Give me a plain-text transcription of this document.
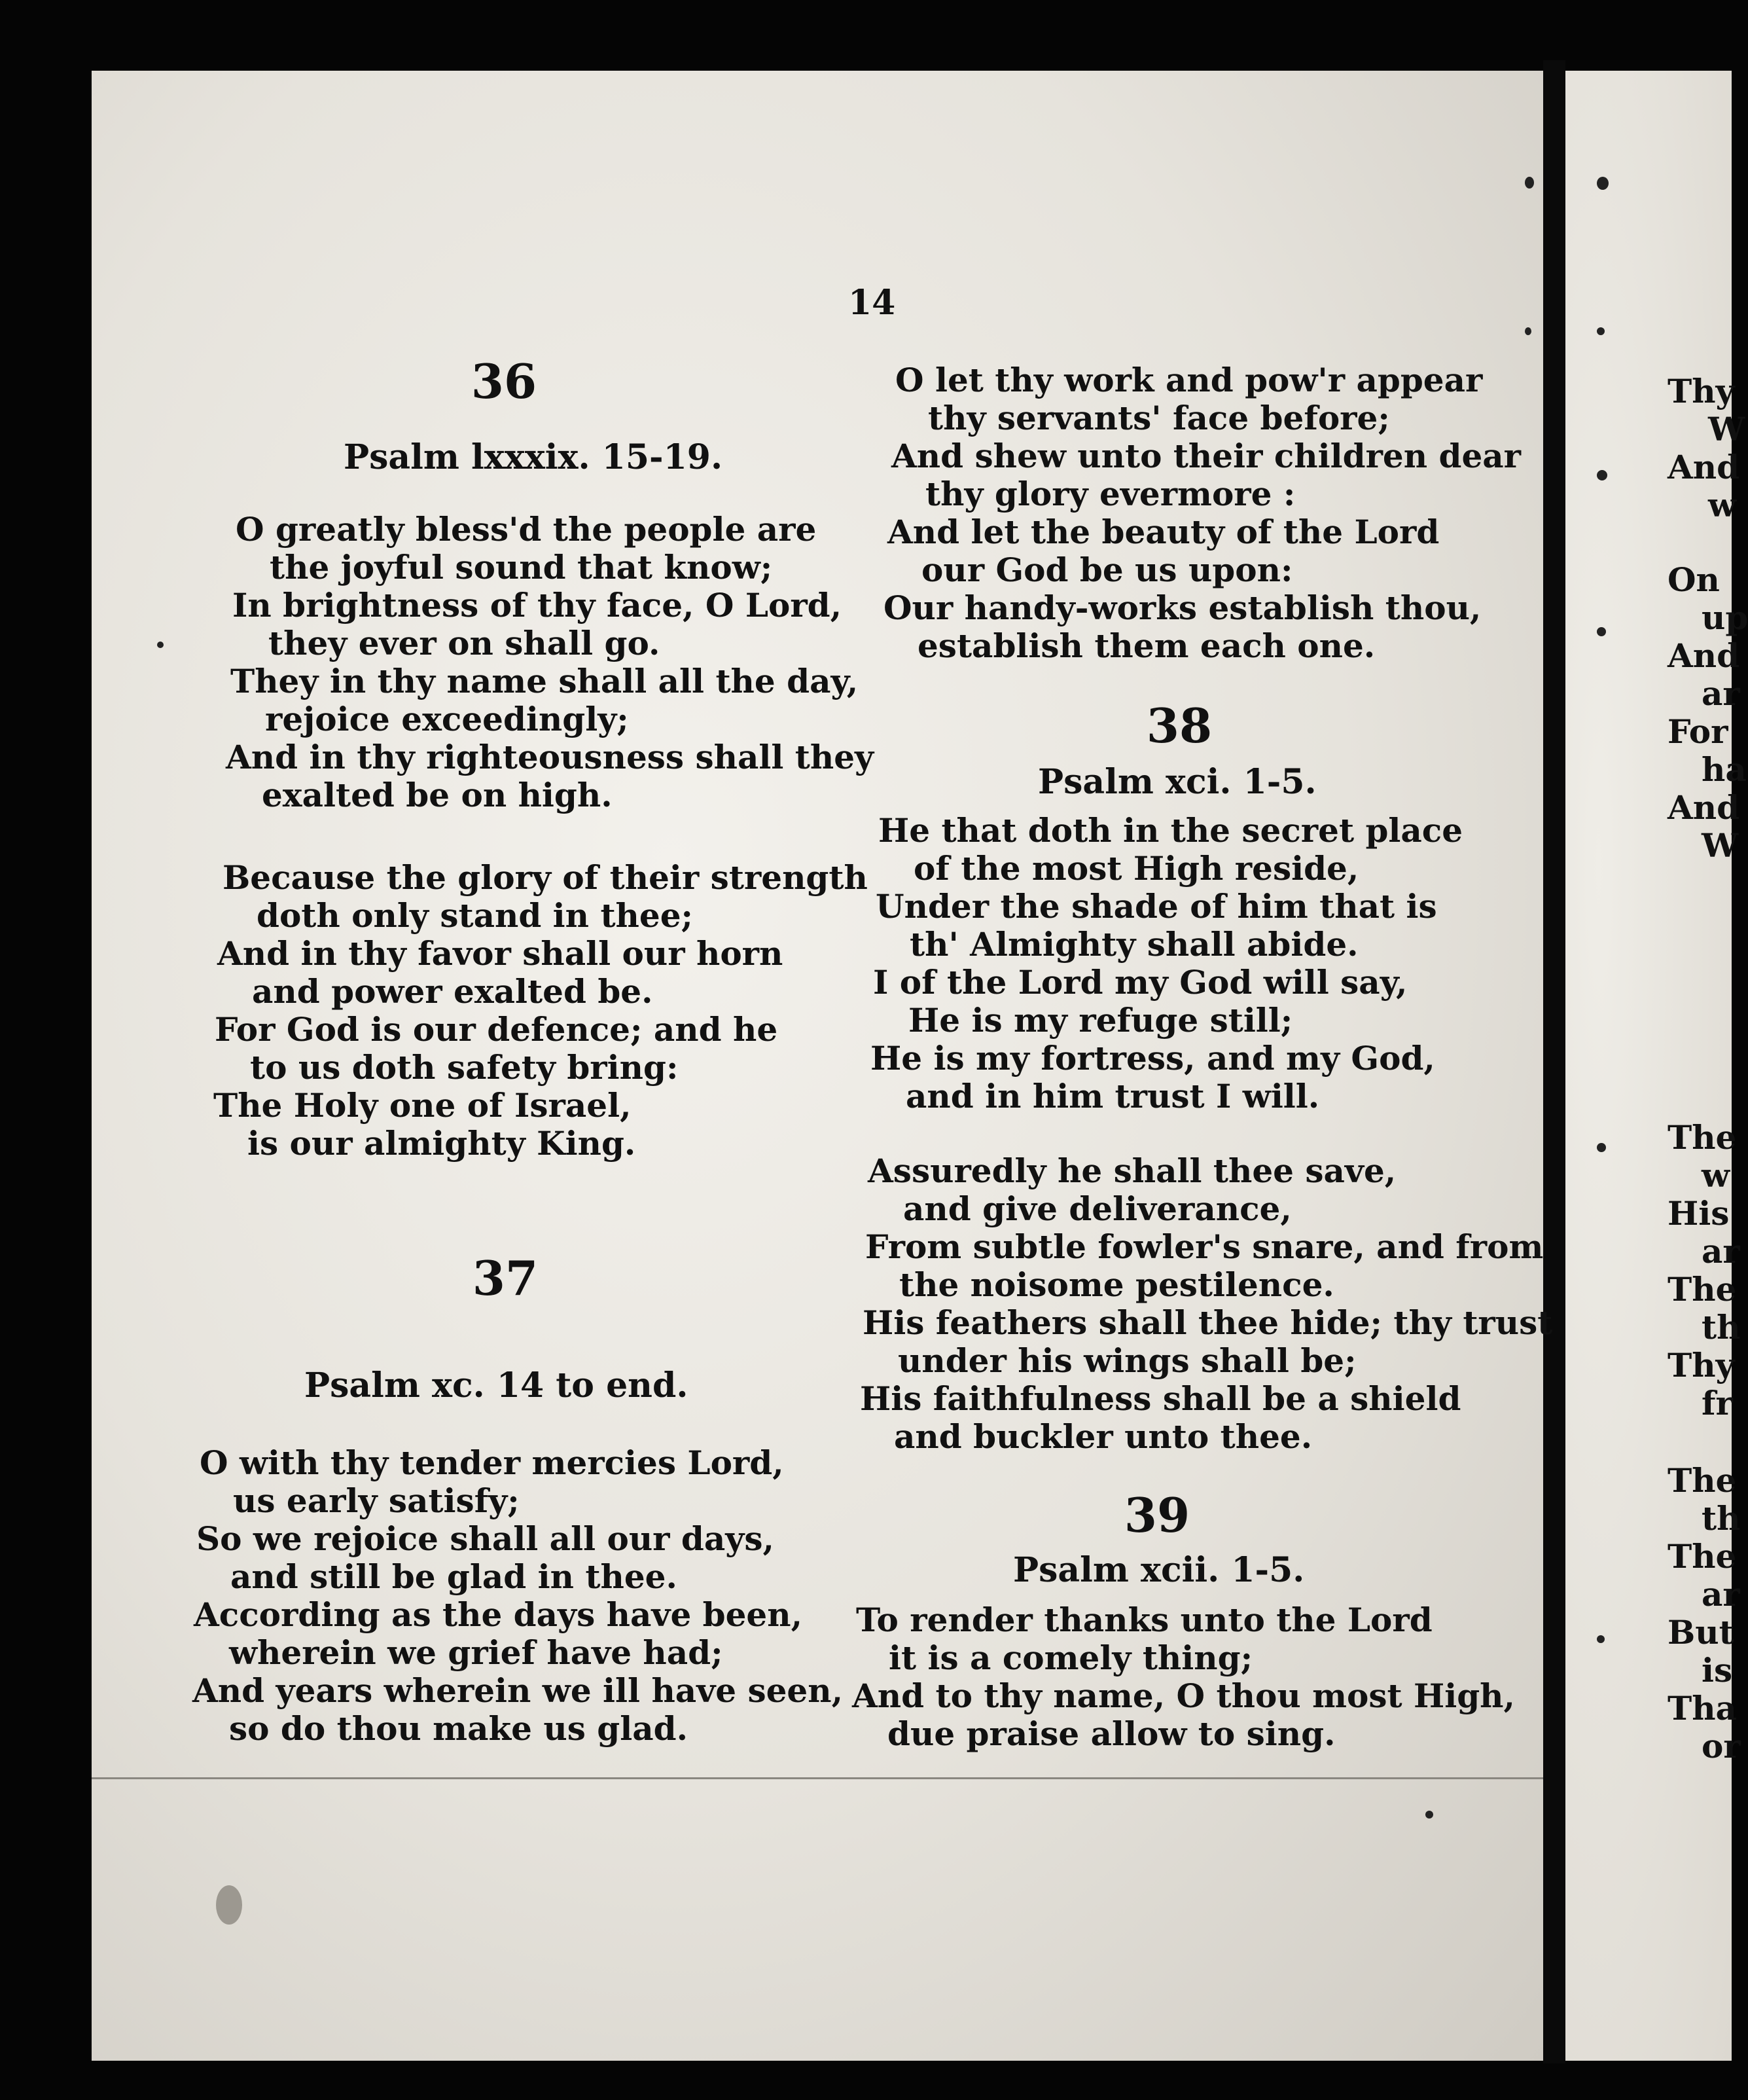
14
36
Psalm lxxxix. 15-19.
O greatly bless'd the people are
the joyful sound that know;
In brightness of thy face, O Lord,
they ever on shall go.
They in thy name shall all the day,
rejoice exceedingly;
And in thy righteousness shall they
exalted be on high.
Because the glory of their strength
doth only stand in thee;
And in thy favor shall our horn
and power exalted be.
For God is our defence; and he
to us doth safety bring:
The Holy one of Israel,
is our almighty King.
37
Psalm xc. 14 to end.
O with thy tender mercies Lord,
us early satisfy;
So we rejoice shall all our days,
and still be glad in thee.
According as the days have been,
wherein we grief have had;
And years wherein we ill have seen,
so do thou make us glad.
O let thy work and pow'r appear
thy servants' face before;
And shew unto their children dear
thy glory evermore :
And let the beauty of the Lord
our God be us upon:
Our handy-works establish thou,
establish them each one.
38
Psalm xci. 1-5.
He that doth in the secret place
of the most High reside,
Under the shade of him that is
th' Almighty shall abide.
I of the Lord my God will say,
He is my refuge still;
He is my fortress, and my God,
and in him trust I will.
Assuredly he shall thee save,
and give deliverance,
From subtle fowler's snare, and from
the noisome pestilence.
His feathers shall thee hide; thy trust
under his wings shall be;
His faithfulness shall be a shield
and buckler unto thee.
39
Psalm xcii. 1-5.
To render thanks unto the Lord
it is a comely thing;
And to thy name, O thou most High,
due praise allow to sing.
Thy
W
And
w
On
up
And
ar
For
ha
And
W
The
w
His
ar
The
th
Thy
fr
The
th
The
ar
But
is
Tha
or
